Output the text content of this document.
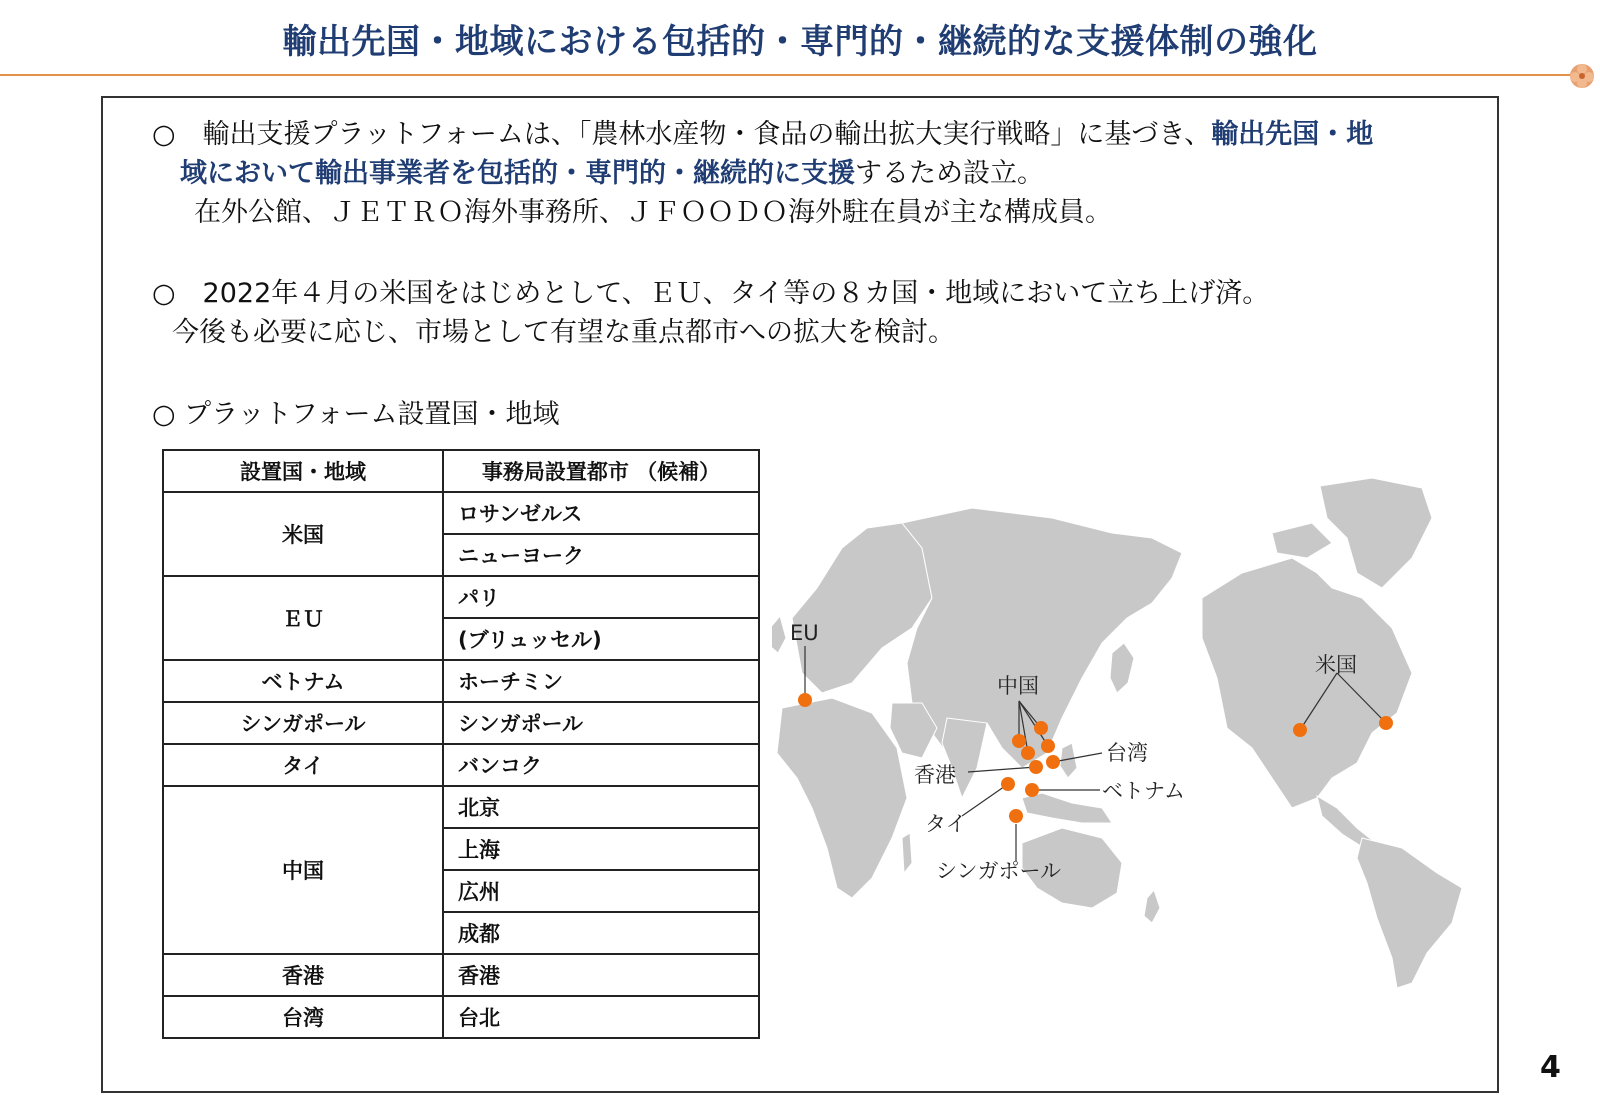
輸出先国・地域における包括的・専門的・継続的な支援体制の強化
○　輸出支援プラットフォームは、「農林水産物・食品の輸出拡大実行戦略」に基づき、輸出先国・地
域において輸出事業者を包括的・専門的・継続的に支援するため設立。
在外公館、ＪＥＴＲＯ海外事務所、ＪＦＯＯＤＯ海外駐在員が主な構成員。
○　2022年４月の米国をはじめとして、ＥＵ、タイ等の８カ国・地域において立ち上げ済。
今後も必要に応じ、市場として有望な重点都市への拡大を検討。
○ プラットフォーム設置国・地域
設置国・地域	事務局設置都市 （候補）
米国	ロサンゼルス
	ニューヨーク
ＥＵ	パリ
	(ブリュッセル)
ベトナム	ホーチミン
シンガポール	シンガポール
タイ	バンコク
中国	北京
	上海
	広州
	成都
香港	香港
台湾	台北
EU
中国
米国
台湾
香港
ベトナム
タイ
シンガポール
4
